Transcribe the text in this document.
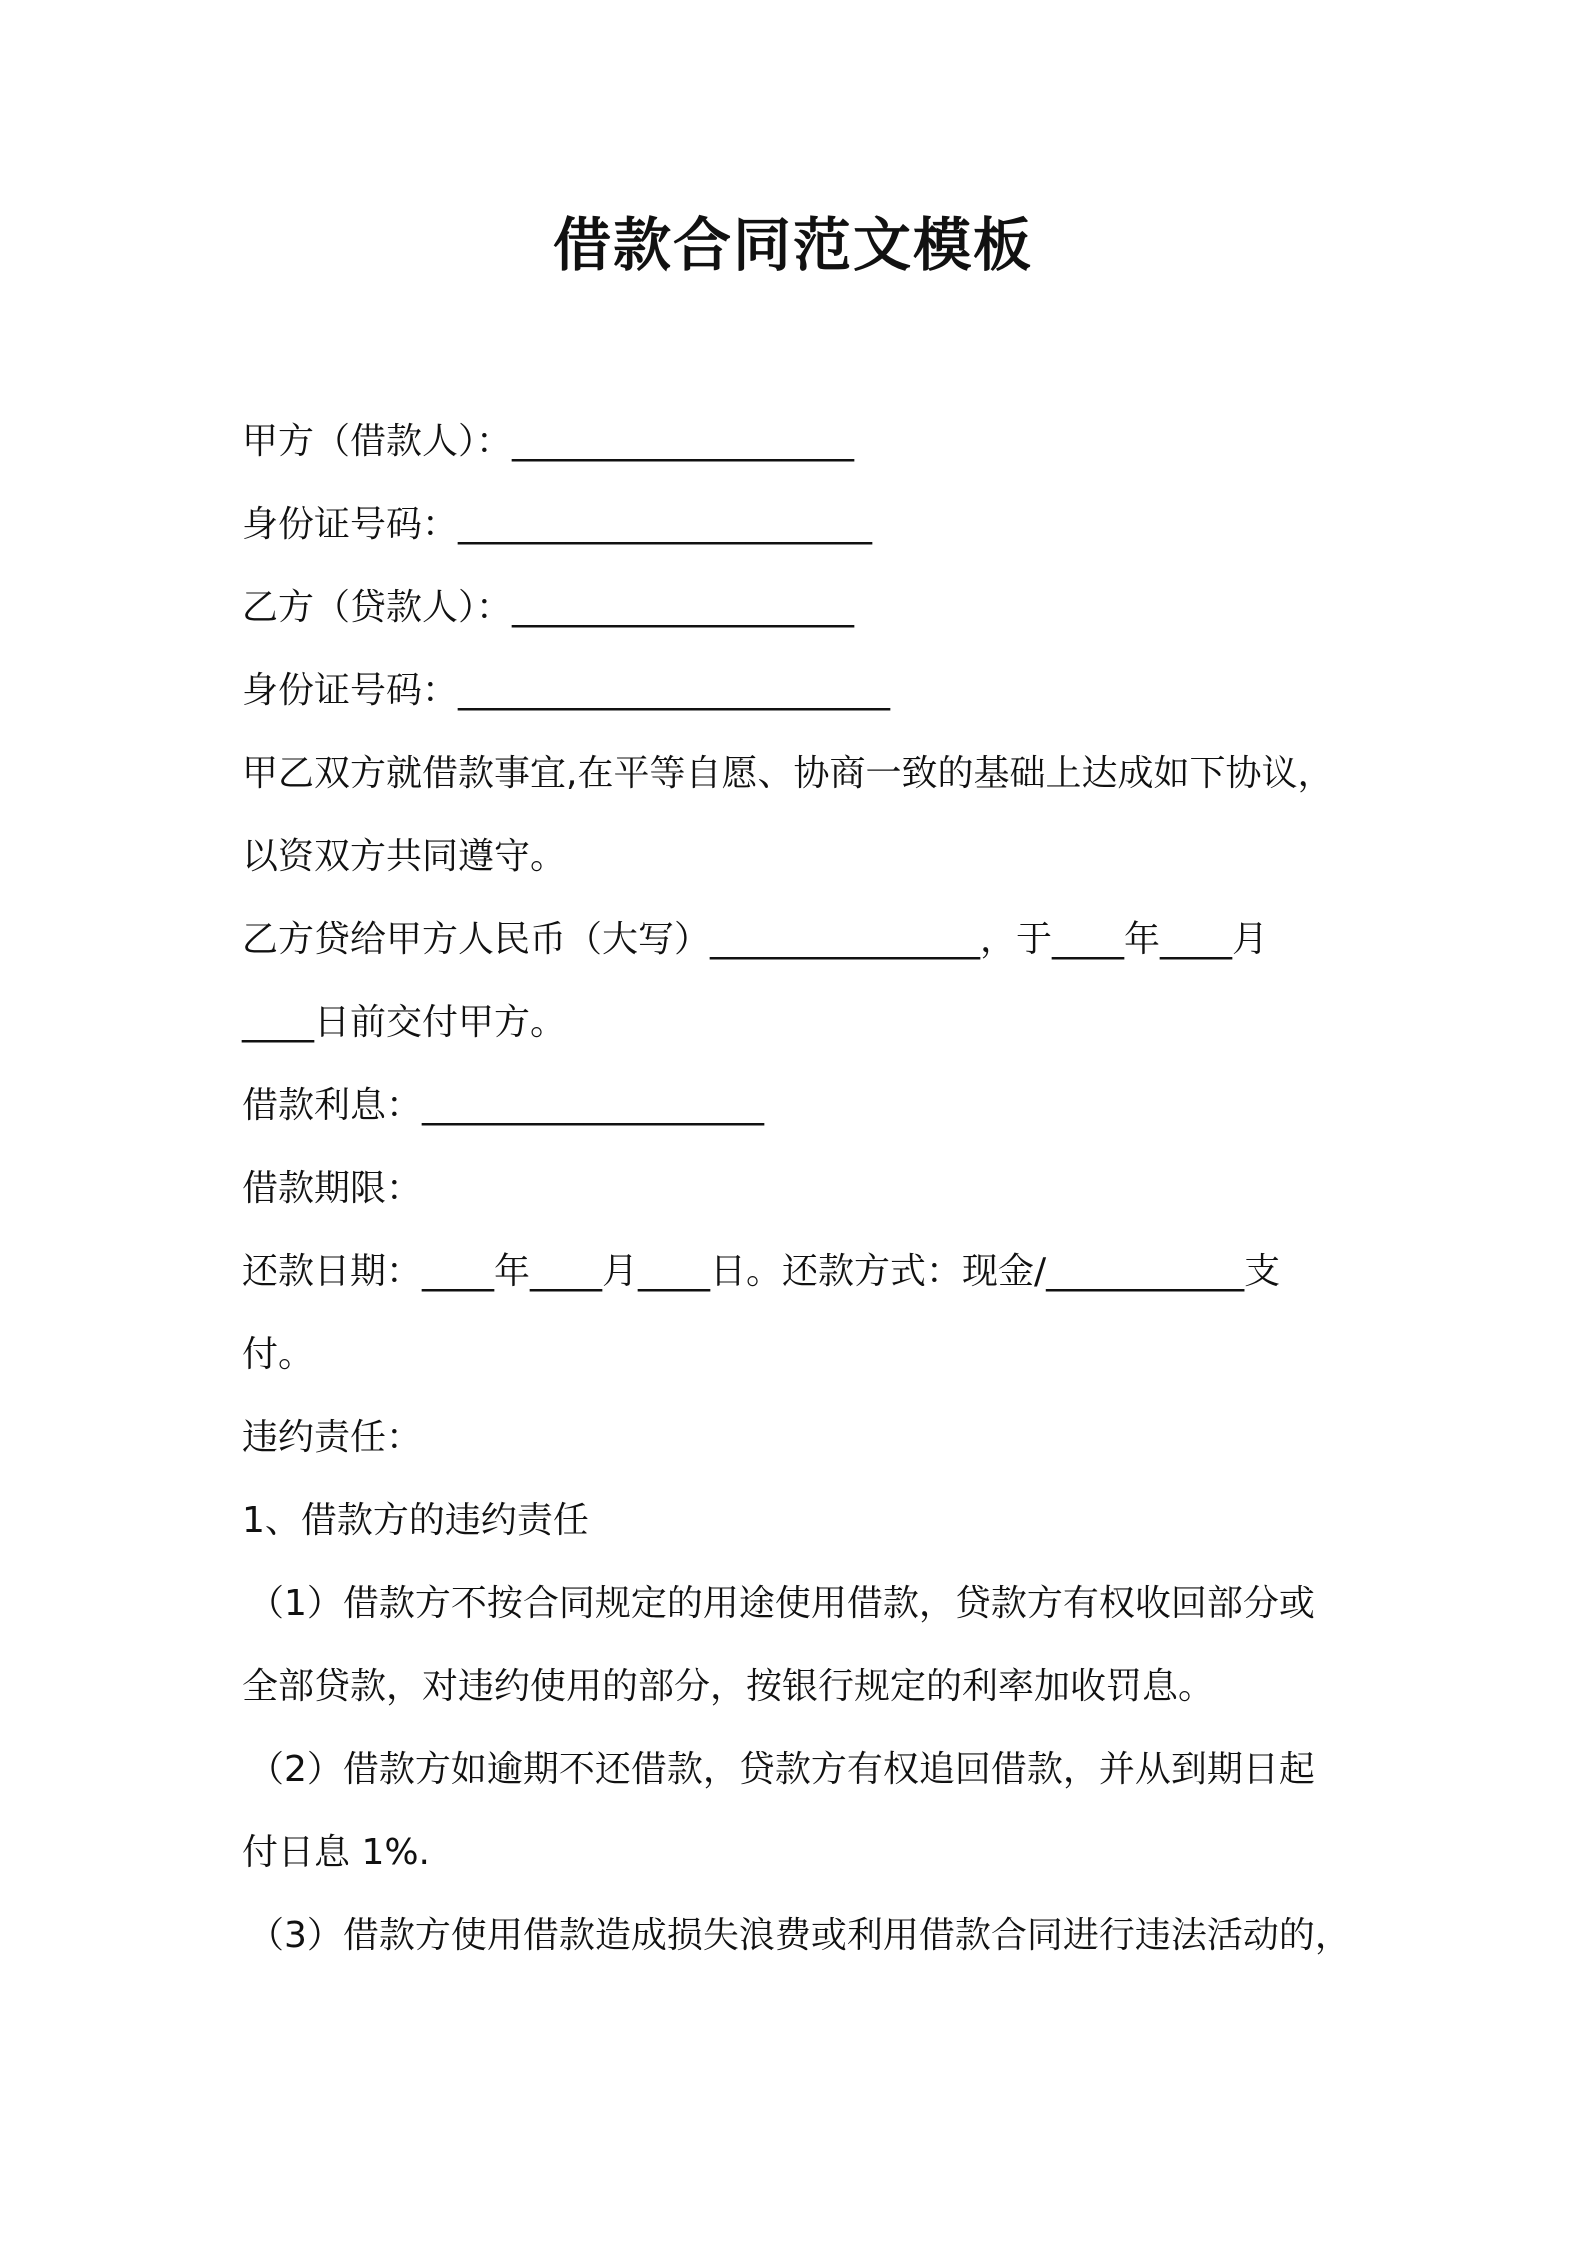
借款合同范文模板
甲方（借款人）：___________________
身份证号码：_______________________
乙方（贷款人）：___________________
身份证号码：________________________
甲乙双方就借款事宜,在平等自愿、协商一致的基础上达成如下协议，
以资双方共同遵守。
乙方贷给甲方人民币（大写）_______________，于____年____月
____日前交付甲方。
借款利息：___________________
借款期限：
还款日期：____年____月____日。还款方式：现金/___________支
付。
违约责任：
1、借款方的违约责任
（1）借款方不按合同规定的用途使用借款，贷款方有权收回部分或
全部贷款，对违约使用的部分，按银行规定的利率加收罚息。
（2）借款方如逾期不还借款，贷款方有权追回借款，并从到期日起
付日息 1%.
（3）借款方使用借款造成损失浪费或利用借款合同进行违法活动的，
